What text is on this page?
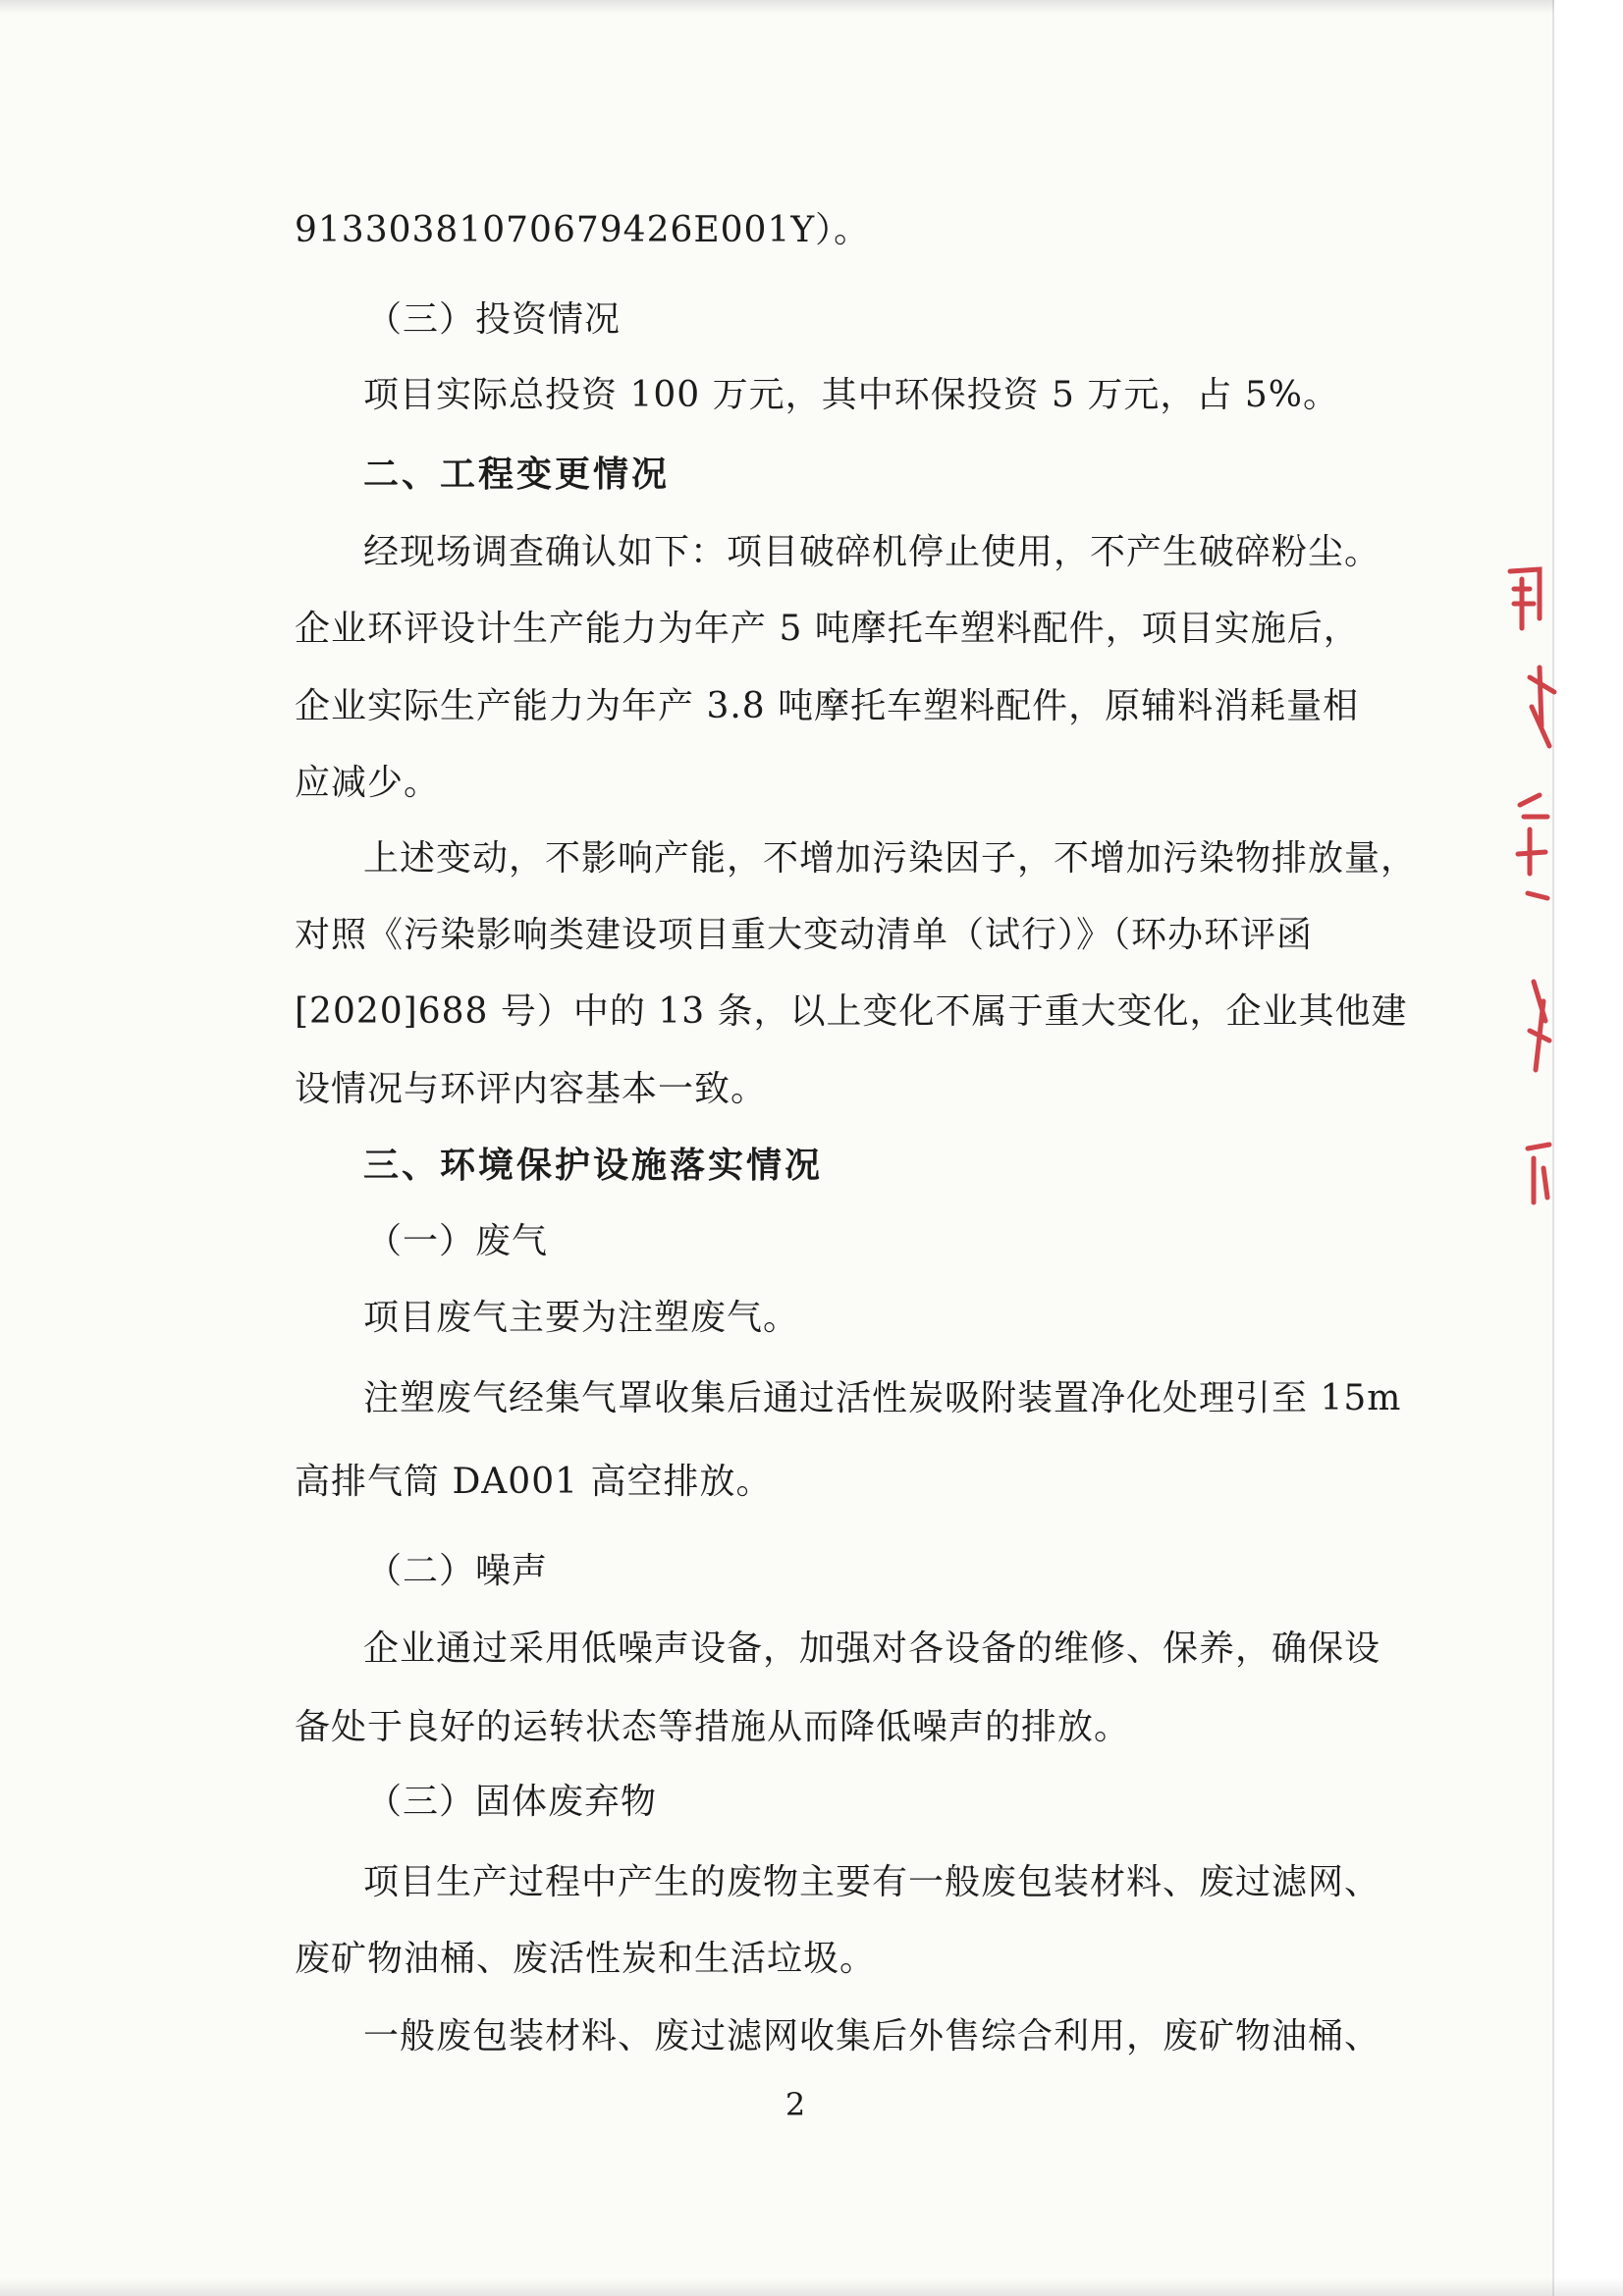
91330381070679426E001Y）。
（三）投资情况
项目实际总投资 100 万元，其中环保投资 5 万元，占 5%。
二、工程变更情况
经现场调查确认如下：项目破碎机停止使用，不产生破碎粉尘。
企业环评设计生产能力为年产 5 吨摩托车塑料配件，项目实施后，
企业实际生产能力为年产 3.8 吨摩托车塑料配件，原辅料消耗量相
应减少。
上述变动，不影响产能，不增加污染因子，不增加污染物排放量，
对照《污染影响类建设项目重大变动清单（试行）》（环办环评函
[2020]688 号）中的 13 条，以上变化不属于重大变化，企业其他建
设情况与环评内容基本一致。
三、环境保护设施落实情况
（一）废气
项目废气主要为注塑废气。
注塑废气经集气罩收集后通过活性炭吸附装置净化处理引至 15m
高排气筒 DA001 高空排放。
（二）噪声
企业通过采用低噪声设备，加强对各设备的维修、保养，确保设
备处于良好的运转状态等措施从而降低噪声的排放。
（三）固体废弃物
项目生产过程中产生的废物主要有一般废包装材料、废过滤网、
废矿物油桶、废活性炭和生活垃圾。
一般废包装材料、废过滤网收集后外售综合利用，废矿物油桶、
2
